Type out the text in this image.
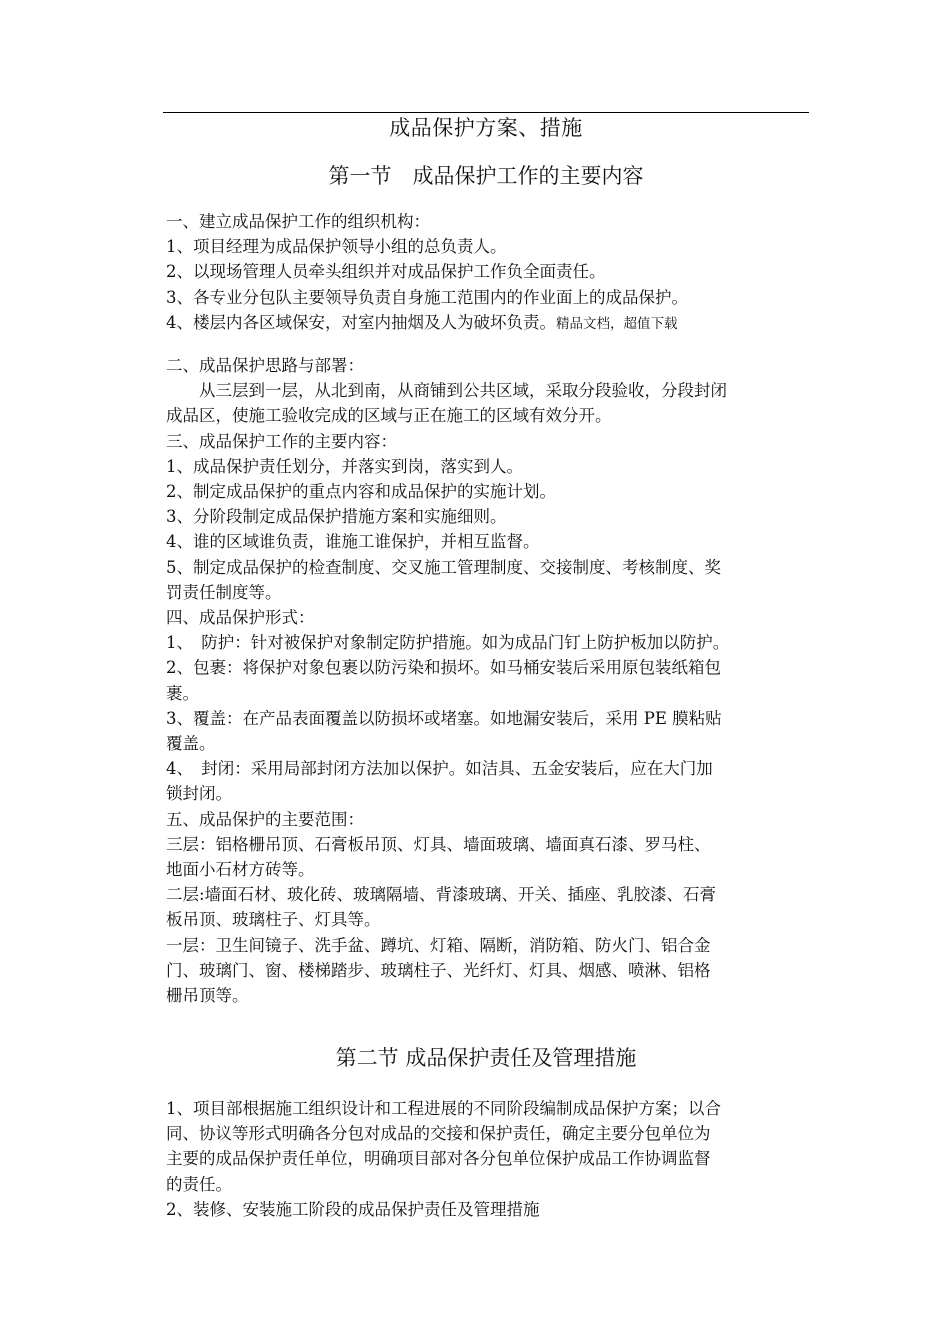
成品保护方案、措施
第一节　成品保护工作的主要内容

一、建立成品保护工作的组织机构：

1、项目经理为成品保护领导小组的总负责人。

2、以现场管理人员牵头组织并对成品保护工作负全面责任。

3、各专业分包队主要领导负责自身施工范围内的作业面上的成品保护。

4、楼层内各区域保安，对室内抽烟及人为破坏负责。精品文档，超值下载

二、成品保护思路与部署：

从三层到一层，从北到南，从商铺到公共区域，采取分段验收，分段封闭

成品区，使施工验收完成的区域与正在施工的区域有效分开。

三、成品保护工作的主要内容：

1、成品保护责任划分，并落实到岗，落实到人。

2、制定成品保护的重点内容和成品保护的实施计划。

3、分阶段制定成品保护措施方案和实施细则。

4、谁的区域谁负责，谁施工谁保护，并相互监督。

5、制定成品保护的检查制度、交叉施工管理制度、交接制度、考核制度、奖

罚责任制度等。

四、成品保护形式：

1、　防护：针对被保护对象制定防护措施。如为成品门钉上防护板加以防护。

2、包裹：将保护对象包裹以防污染和损坏。如马桶安装后采用原包装纸箱包

裹。

3、覆盖：在产品表面覆盖以防损坏或堵塞。如地漏安装后，采用 PE 膜粘贴

覆盖。

4、　封闭：采用局部封闭方法加以保护。如洁具、五金安装后，应在大门加

锁封闭。

五、成品保护的主要范围：

三层：铝格栅吊顶、石膏板吊顶、灯具、墙面玻璃、墙面真石漆、罗马柱、

地面小石材方砖等。

二层:墙面石材、玻化砖、玻璃隔墙、背漆玻璃、开关、插座、乳胶漆、石膏

板吊顶、玻璃柱子、灯具等。

一层：卫生间镜子、洗手盆、蹲坑、灯箱、隔断，消防箱、防火门、铝合金

门、玻璃门、窗、楼梯踏步、玻璃柱子、光纤灯、灯具、烟感、喷淋、铝格

栅吊顶等。

第二节 成品保护责任及管理措施

1、项目部根据施工组织设计和工程进展的不同阶段编制成品保护方案；以合

同、协议等形式明确各分包对成品的交接和保护责任，确定主要分包单位为

主要的成品保护责任单位，明确项目部对各分包单位保护成品工作协调监督

的责任。

2、装修、安装施工阶段的成品保护责任及管理措施
